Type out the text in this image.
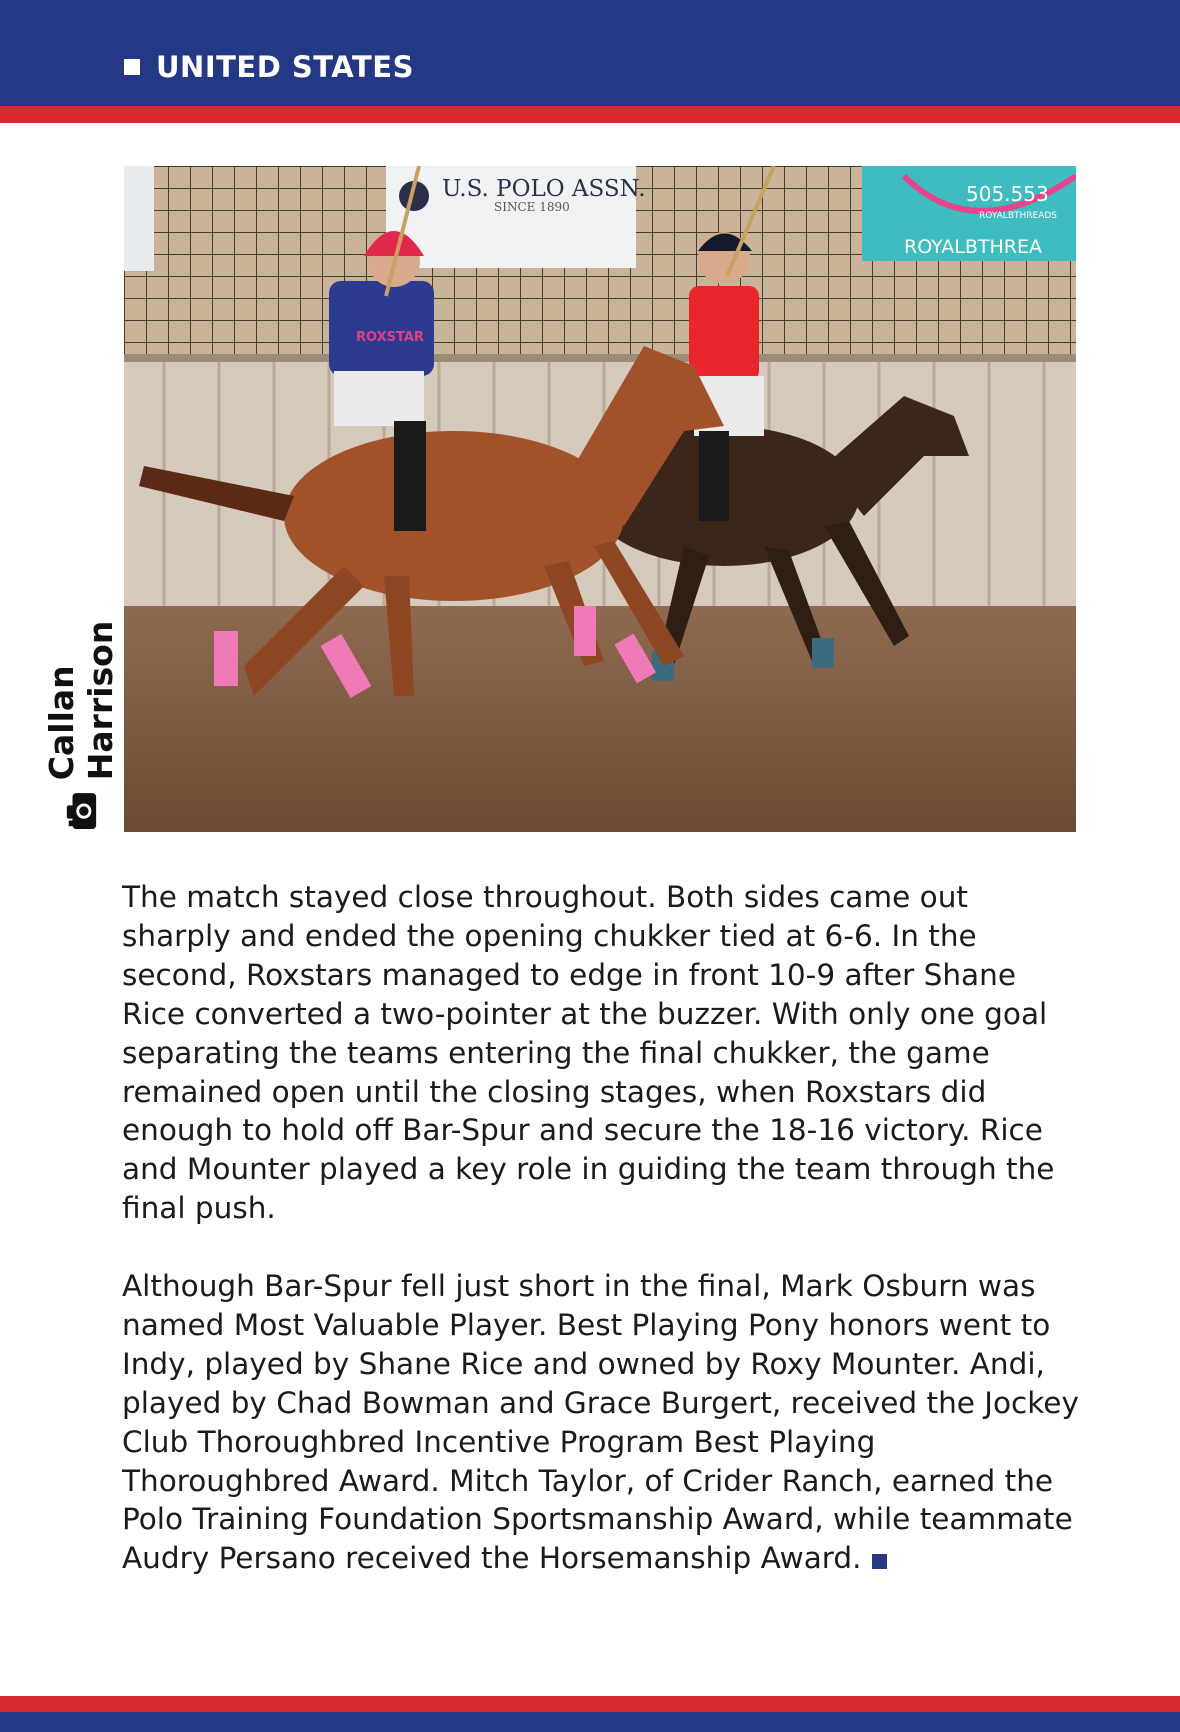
UNITED STATES
U.S. POLO ASSN.
SINCE 1890
505.553
ROYALBTHREADS
ROYALBTHREA
ROXSTAR
Callan Harrison

The match stayed close throughout. Both sides came out sharply and ended the opening chukker tied at 6-6. In the second, Roxstars managed to edge in front 10-9 after Shane Rice converted a two-pointer at the buzzer. With only one goal separating the teams entering the final chukker, the game remained open until the closing stages, when Roxstars did enough to hold off Bar-Spur and secure the 18-16 victory. Rice and Mounter played a key role in guiding the team through the final push.

Although Bar-Spur fell just short in the final, Mark Osburn was named Most Valuable Player. Best Playing Pony honors went to Indy, played by Shane Rice and owned by Roxy Mounter. Andi, played by Chad Bowman and Grace Burgert, received the Jockey Club Thoroughbred Incentive Program Best Playing Thoroughbred Award. Mitch Taylor, of Crider Ranch, earned the Polo Training Foundation Sportsmanship Award, while teammate Audry Persano received the Horsemanship Award.
